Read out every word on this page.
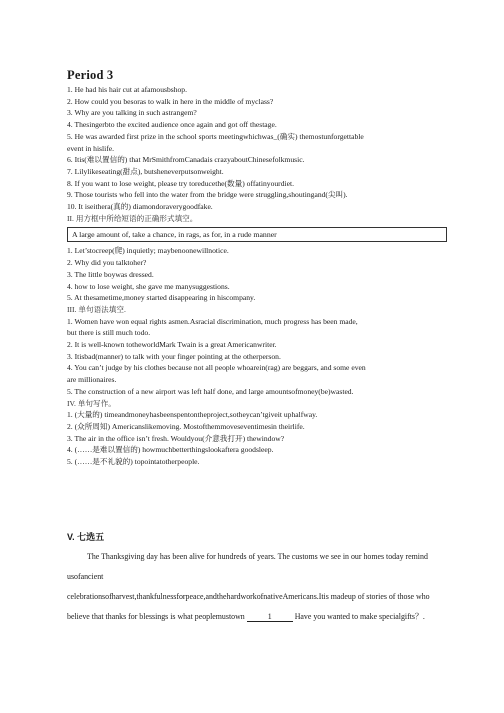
Period 3
1. He had his hair cut at afamousbshop.
2. How could you besoras to walk in here in the middle of myclass?
3. Why are you talking in such astrangem?
4. Thesingerbto the excited audience once again and got off thestage.
5. He was awarded first prize in the school sports meetingwhichwas_(确实) themostunforgettable
event in hislife.
6. Itis(难以置信的) that MrSmithfromCanadais crazyaboutChinesefolkmusic.
7. Lilylikeseating(甜点), butsheneverputsonweight.
8. If you want to lose weight, please try toreducethe(数量) offatinyourdiet.
9. Those tourists who fell into the water from the bridge were struggling,shoutingand(尖叫).
10. It iseithera(真的) diamondoraverygoodfake.
II. 用方框中所给短语的正确形式填空。
A large amount of, take a chance, in rags, as for, in a rude manner
1. Let’stocreep(爬) inquietly; maybenoonewillnotice.
2. Why did you talktoher?
3. The little boywas dressed.
4. how to lose weight, she gave me manysuggestions.
5. At thesametime,money started disappearing in hiscompany.
III. 单句语法填空.
1. Women have won equal rights asmen.Asracial discrimination, much progress has been made,
but there is still much todo.
2. It is well-known totheworldMark Twain is a great Americanwriter.
3. Itisbad(manner) to talk with your finger pointing at the otherperson.
4. You can’t judge by his clothes because not all people whoarein(rag) are beggars, and some even
are millionaires.
5. The construction of a new airport was left half done, and large amountsofmoney(be)wasted.
IV. 单句写作。
1. (大量的) timeandmoneyhasbeenspentontheproject,sotheycan’tgiveit uphalfway.
2. (众所周知) Americanslikemoving. Mostofthemmoveseventimesin theirlife.
3. The air in the office isn’t fresh. Wouldyou(介意我打开) thewindow?
4. (……是难以置信的) howmuchbetterthingslookaftera goodsleep.
5. (……是不礼貌的) topointatotherpeople.
V. 七选五
The Thanksgiving day has been alive for hundreds of years. The customs we see in our homes today remind usofancient
celebrationsofharvest,thankfulnessforpeace,andthehardworkofnativeAmericans.Itis madeup of stories of those who believe that thanks for blessings is what peoplemustown	1	Have you wanted to make specialgifts？.
